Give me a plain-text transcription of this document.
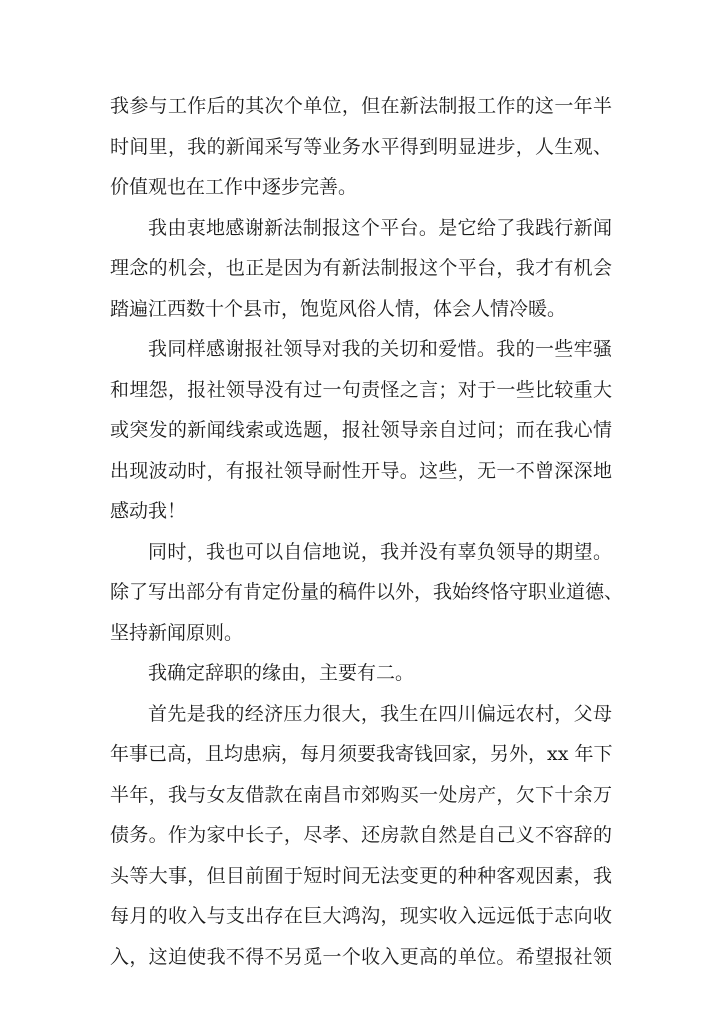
我参与工作后的其次个单位，但在新法制报工作的这一年半
时间里，我的新闻采写等业务水平得到明显进步，人生观、
价值观也在工作中逐步完善。

我由衷地感谢新法制报这个平台。是它给了我践行新闻
理念的机会，也正是因为有新法制报这个平台，我才有机会
踏遍江西数十个县市，饱览风俗人情，体会人情冷暖。

我同样感谢报社领导对我的关切和爱惜。我的一些牢骚
和埋怨，报社领导没有过一句责怪之言；对于一些比较重大
或突发的新闻线索或选题，报社领导亲自过问；而在我心情
出现波动时，有报社领导耐性开导。这些，无一不曾深深地
感动我！

同时，我也可以自信地说，我并没有辜负领导的期望。
除了写出部分有肯定份量的稿件以外，我始终恪守职业道德、
坚持新闻原则。

我确定辞职的缘由，主要有二。

首先是我的经济压力很大，我生在四川偏远农村，父母
年事已高，且均患病，每月须要我寄钱回家，另外，xx 年下
半年，我与女友借款在南昌市郊购买一处房产，欠下十余万
债务。作为家中长子，尽孝、还房款自然是自己义不容辞的
头等大事，但目前囿于短时间无法变更的种种客观因素，我
每月的收入与支出存在巨大鸿沟，现实收入远远低于志向收
入，这迫使我不得不另觅一个收入更高的单位。希望报社领
